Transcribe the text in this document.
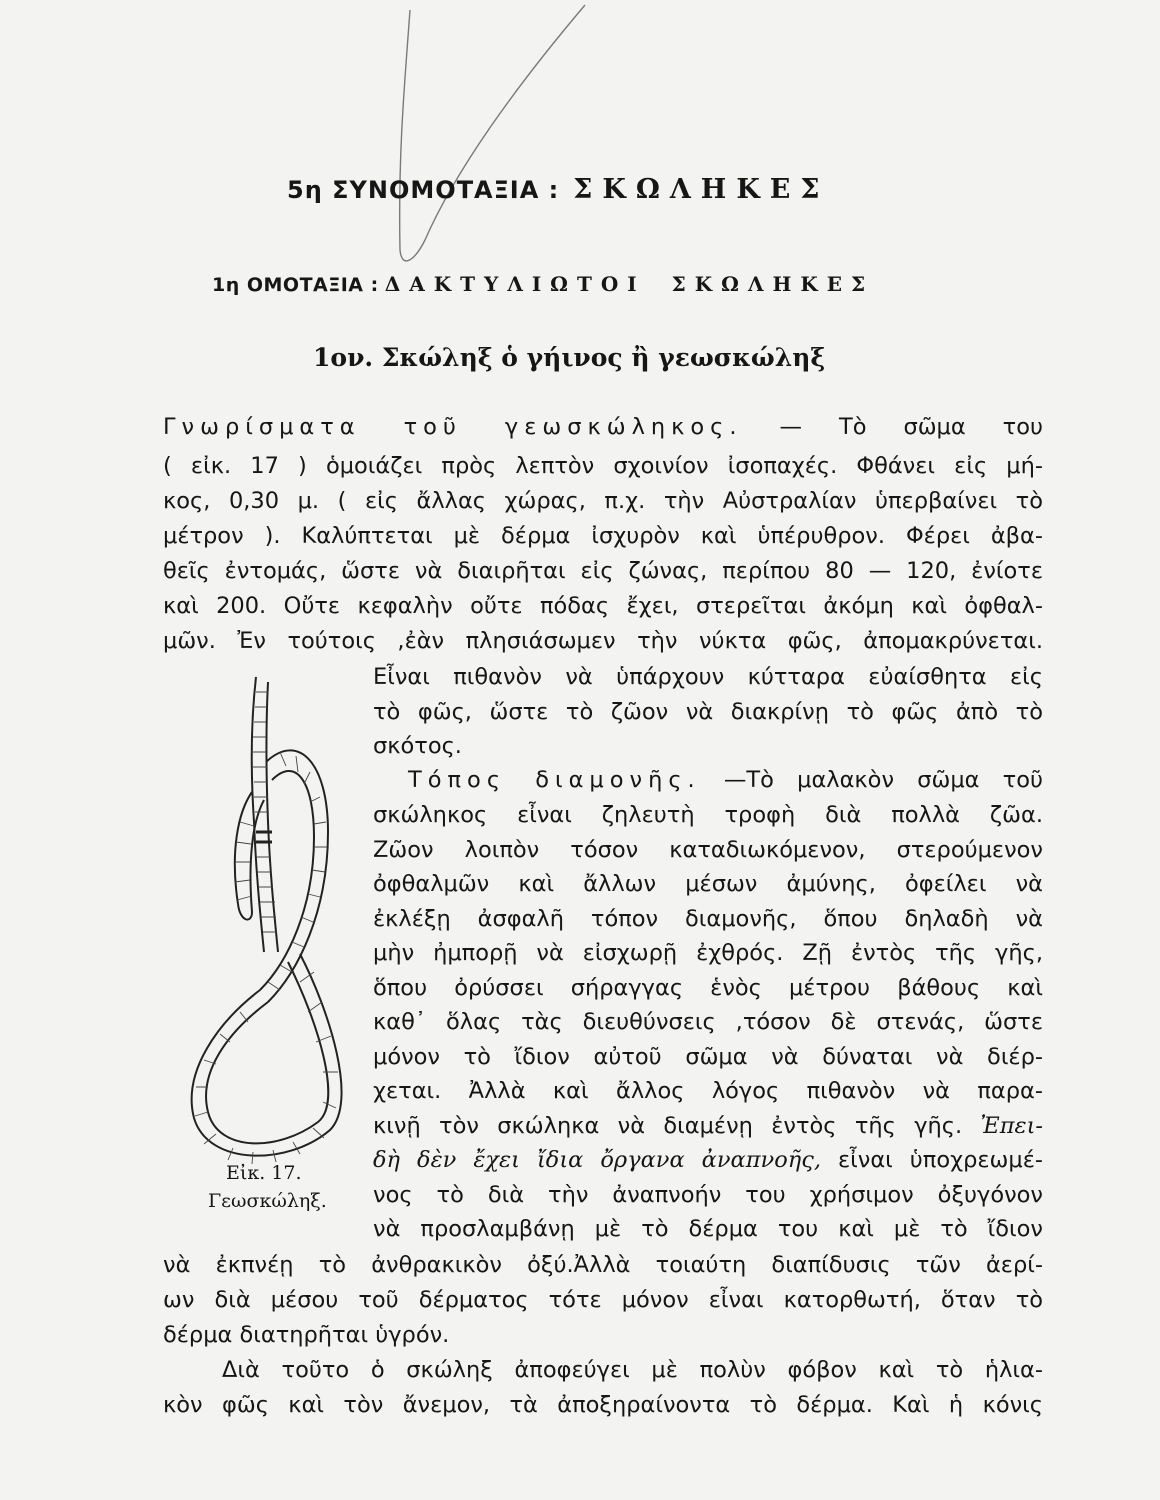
5η ΣΥΝΟΜΟΤΑΞΙΑ : ΣΚΩΛΗΚΕΣ
1η ΟΜΟΤΑΞΙΑ : ΔΑΚΤΥΛΙΩΤΟΙ ΣΚΩΛΗΚΕΣ
1ον. Σκώληξ ὁ γήινος ἢ γεωσκώληξ
Γνωρίσματα τοῦ γεωσκώληκος. — Τὸ σῶμα του
( εἰκ. 17 ) ὁμοιάζει πρὸς λεπτὸν σχοινίον ἰσοπαχές. Φθάνει εἰς μή-
κος, 0,30 μ. ( εἰς ἄλλας χώρας, π.χ. τὴν Αὐστραλίαν ὑπερβαίνει τὸ
μέτρον ). Καλύπτεται μὲ δέρμα ἰσχυρὸν καὶ ὑπέρυθρον. Φέρει ἀβα-
θεῖς ἐντομάς, ὥστε νὰ διαιρῆται εἰς ζώνας, περίπου 80 — 120, ἐνίοτε
καὶ 200. Οὔτε κεφαλὴν οὔτε πόδας ἔχει, στερεῖται ἀκόμη καὶ ὀφθαλ-
μῶν. Ἐν τούτοις ,ἐὰν πλησιάσωμεν τὴν νύκτα φῶς, ἀπομακρύνεται.
Εἶναι πιθανὸν νὰ ὑπάρχουν κύτταρα εὐαίσθητα εἰς
τὸ φῶς, ὥστε τὸ ζῶον νὰ διακρίνῃ τὸ φῶς ἀπὸ τὸ
σκότος.
Τόπος διαμονῆς. —Τὸ μαλακὸν σῶμα τοῦ
σκώληκος εἶναι ζηλευτὴ τροφὴ διὰ πολλὰ ζῶα.
Ζῶον λοιπὸν τόσον καταδιωκόμενον, στερούμενον
ὀφθαλμῶν καὶ ἄλλων μέσων ἀμύνης, ὀφείλει νὰ
ἐκλέξῃ ἀσφαλῆ τόπον διαμονῆς, ὅπου δηλαδὴ νὰ
μὴν ἠμπορῇ νὰ εἰσχωρῇ ἐχθρός. Ζῇ ἐντὸς τῆς γῆς,
ὅπου ὀρύσσει σήραγγας ἑνὸς μέτρου βάθους καὶ
καθ᾽ ὅλας τὰς διευθύνσεις ,τόσον δὲ στενάς, ὥστε
μόνον τὸ ἴδιον αὐτοῦ σῶμα νὰ δύναται νὰ διέρ-
χεται. Ἀλλὰ καὶ ἄλλος λόγος πιθανὸν νὰ παρα-
κινῇ τὸν σκώληκα νὰ διαμένῃ ἐντὸς τῆς γῆς. Ἐπει-
δὴ δὲν ἔχει ἴδια ὄργανα ἀναπνοῆς, εἶναι ὑποχρεωμέ-
νος τὸ διὰ τὴν ἀναπνοήν του χρήσιμον ὀξυγόνον
νὰ προσλαμβάνῃ μὲ τὸ δέρμα του καὶ μὲ τὸ ἴδιον
νὰ ἐκπνέῃ τὸ ἀνθρακικὸν ὀξύ.Ἀλλὰ τοιαύτη διαπίδυσις τῶν ἀερί-
ων διὰ μέσου τοῦ δέρματος τότε μόνον εἶναι κατορθωτή, ὅταν τὸ
δέρμα διατηρῆται ὑγρόν.
Διὰ τοῦτο ὁ σκώληξ ἀποφεύγει μὲ πολὺν φόβον καὶ τὸ ἡλια-
κὸν φῶς καὶ τὸν ἄνεμον, τὰ ἀποξηραίνοντα τὸ δέρμα. Καὶ ἡ κόνις
Εἰκ. 17.
Γεωσκώληξ.
